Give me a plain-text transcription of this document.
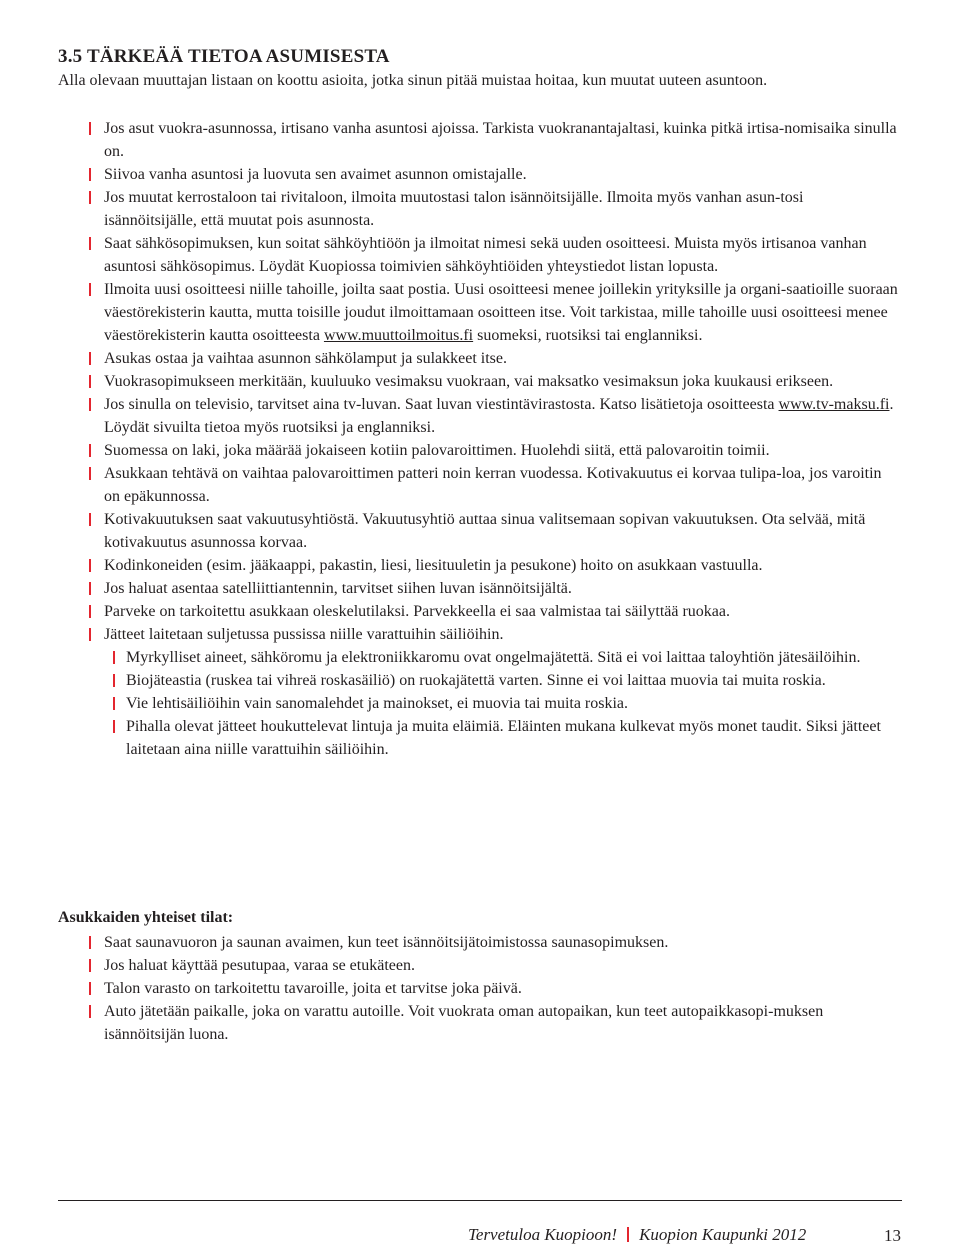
3.5 TÄRKEÄÄ TIETOA ASUMISESTA

Alla olevaan muuttajan listaan on koottu asioita, jotka sinun pitää muistaa hoitaa, kun muutat uuteen asuntoon.

Jos asut vuokra-asunnossa, irtisano vanha asuntosi ajoissa. Tarkista vuokranantajaltasi, kuinka pitkä irtisa-nomisaika sinulla on.
Siivoa vanha asuntosi ja luovuta sen avaimet asunnon omistajalle.
Jos muutat kerrostaloon tai rivitaloon, ilmoita muutostasi talon isännöitsijälle. Ilmoita myös vanhan asun-tosi isännöitsijälle, että muutat pois asunnosta.
Saat sähkösopimuksen, kun soitat sähköyhtiöön ja ilmoitat nimesi sekä uuden osoitteesi. Muista myös irtisanoa vanhan asuntosi sähkösopimus. Löydät Kuopiossa toimivien sähköyhtiöiden yhteystiedot listan lopusta.
Ilmoita uusi osoitteesi niille tahoille, joilta saat postia. Uusi osoitteesi menee joillekin yrityksille ja organi-saatioille suoraan väestörekisterin kautta, mutta toisille joudut ilmoittamaan osoitteen itse. Voit tarkistaa, mille tahoille uusi osoitteesi menee väestörekisterin kautta osoitteesta www.muuttoilmoitus.fi suomeksi, ruotsiksi tai englanniksi.
Asukas ostaa ja vaihtaa asunnon sähkölamput ja sulakkeet itse.
Vuokrasopimukseen merkitään, kuuluuko vesimaksu vuokraan, vai maksatko vesimaksun joka kuukausi erikseen.
Jos sinulla on televisio, tarvitset aina tv-luvan. Saat luvan viestintävirastosta. Katso lisätietoja osoitteesta www.tv-maksu.fi. Löydät sivuilta tietoa myös ruotsiksi ja englanniksi.
Suomessa on laki, joka määrää jokaiseen kotiin palovaroittimen. Huolehdi siitä, että palovaroitin toimii.
Asukkaan tehtävä on vaihtaa palovaroittimen patteri noin kerran vuodessa. Kotivakuutus ei korvaa tulipa-loa, jos varoitin on epäkunnossa.
Kotivakuutuksen saat vakuutusyhtiöstä. Vakuutusyhtiö auttaa sinua valitsemaan sopivan vakuutuksen. Ota selvää, mitä kotivakuutus asunnossa korvaa.
Kodinkoneiden (esim. jääkaappi, pakastin, liesi, liesituuletin ja pesukone) hoito on asukkaan vastuulla.
Jos haluat asentaa satelliittiantennin, tarvitset siihen luvan isännöitsijältä.
Parveke on tarkoitettu asukkaan oleskelutilaksi. Parvekkeella ei saa valmistaa tai säilyttää ruokaa.
Jätteet laitetaan suljetussa pussissa niille varattuihin säiliöihin.
Myrkylliset aineet, sähköromu ja elektroniikkaromu ovat ongelmajätettä. Sitä ei voi laittaa taloyhtiön jätesäilöihin.
Biojäteastia (ruskea tai vihreä roskasäiliö) on ruokajätettä varten. Sinne ei voi laittaa muovia tai muita roskia.
Vie lehtisäiliöihin vain sanomalehdet ja mainokset, ei muovia tai muita roskia.
Pihalla olevat jätteet houkuttelevat lintuja ja muita eläimiä. Eläinten mukana kulkevat myös monet taudit. Siksi jätteet laitetaan aina niille varattuihin säiliöihin.
Asukkaiden yhteiset tilat:
Saat saunavuoron ja saunan avaimen, kun teet isännöitsijätoimistossa saunasopimuksen.
Jos haluat käyttää pesutupaa, varaa se etukäteen.
Talon varasto on tarkoitettu tavaroille, joita et tarvitse joka päivä.
Auto jätetään paikalle, joka on varattu autoille. Voit vuokrata oman autopaikan, kun teet autopaikkasopi-muksen isännöitsijän luona.
Tervetuloa Kuopioon! Kuopion Kaupunki 2012	13
